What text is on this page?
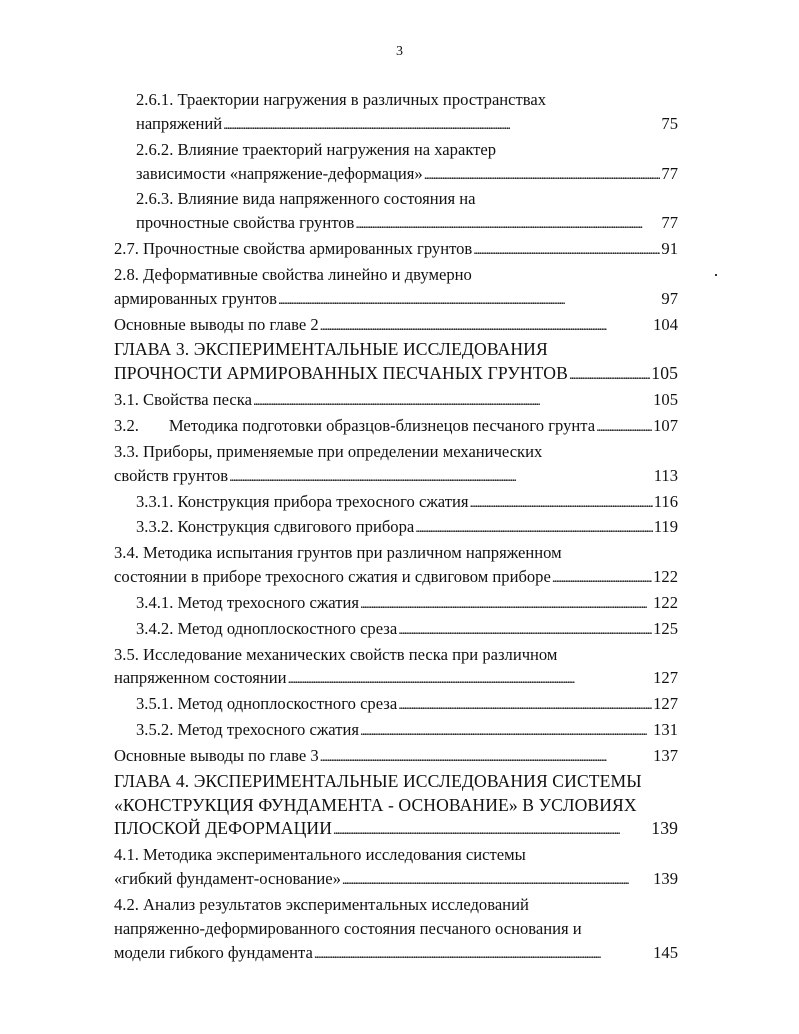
3
2.6.1. Траектории нагружения в различных пространствах
напряжений . . .	75
2.6.2. Влияние траекторий нагружения на характер
зависимости «напряжение-деформация» . . .	77
2.6.3. Влияние вида напряженного состояния на
прочностные свойства грунтов . . .	77
2.7. Прочностные свойства армированных грунтов . . .	91
2.8. Деформативные свойства линейно и двумерно
армированных грунтов . . .	97
Основные выводы по главе 2 . . .	104
ГЛАВА 3. ЭКСПЕРИМЕНТАЛЬНЫЕ ИССЛЕДОВАНИЯ
ПРОЧНОСТИ АРМИРОВАННЫХ ПЕСЧАНЫХ ГРУНТОВ . . .	105
3.1. Свойства песка . . .	105
3.2. Методика подготовки образцов-близнецов песчаного грунта . . .	107
3.3. Приборы, применяемые при определении механических
свойств грунтов . . .	113
3.3.1. Конструкция прибора трехосного сжатия . . .	116
3.3.2. Конструкция сдвигового прибора . . .	119
3.4. Методика испытания грунтов при различном напряженном
состоянии в приборе трехосного сжатия и сдвиговом приборе . . .	122
3.4.1. Метод трехосного сжатия . . .	122
3.4.2. Метод одноплоскостного среза . . .	125
3.5. Исследование механических свойств песка при различном
напряженном состоянии . . .	127
3.5.1. Метод одноплоскостного среза . . .	127
3.5.2. Метод трехосного сжатия . . .	131
Основные выводы по главе 3 . . .	137
ГЛАВА 4. ЭКСПЕРИМЕНТАЛЬНЫЕ ИССЛЕДОВАНИЯ СИСТЕМЫ
«КОНСТРУКЦИЯ ФУНДАМЕНТА - ОСНОВАНИЕ» В УСЛОВИЯХ
ПЛОСКОЙ ДЕФОРМАЦИИ . . .	139
4.1. Методика экспериментального исследования системы
«гибкий фундамент-основание» . . .	139
4.2. Анализ результатов экспериментальных исследований
напряженно-деформированного состояния песчаного основания и
модели гибкого фундамента . . .	145
